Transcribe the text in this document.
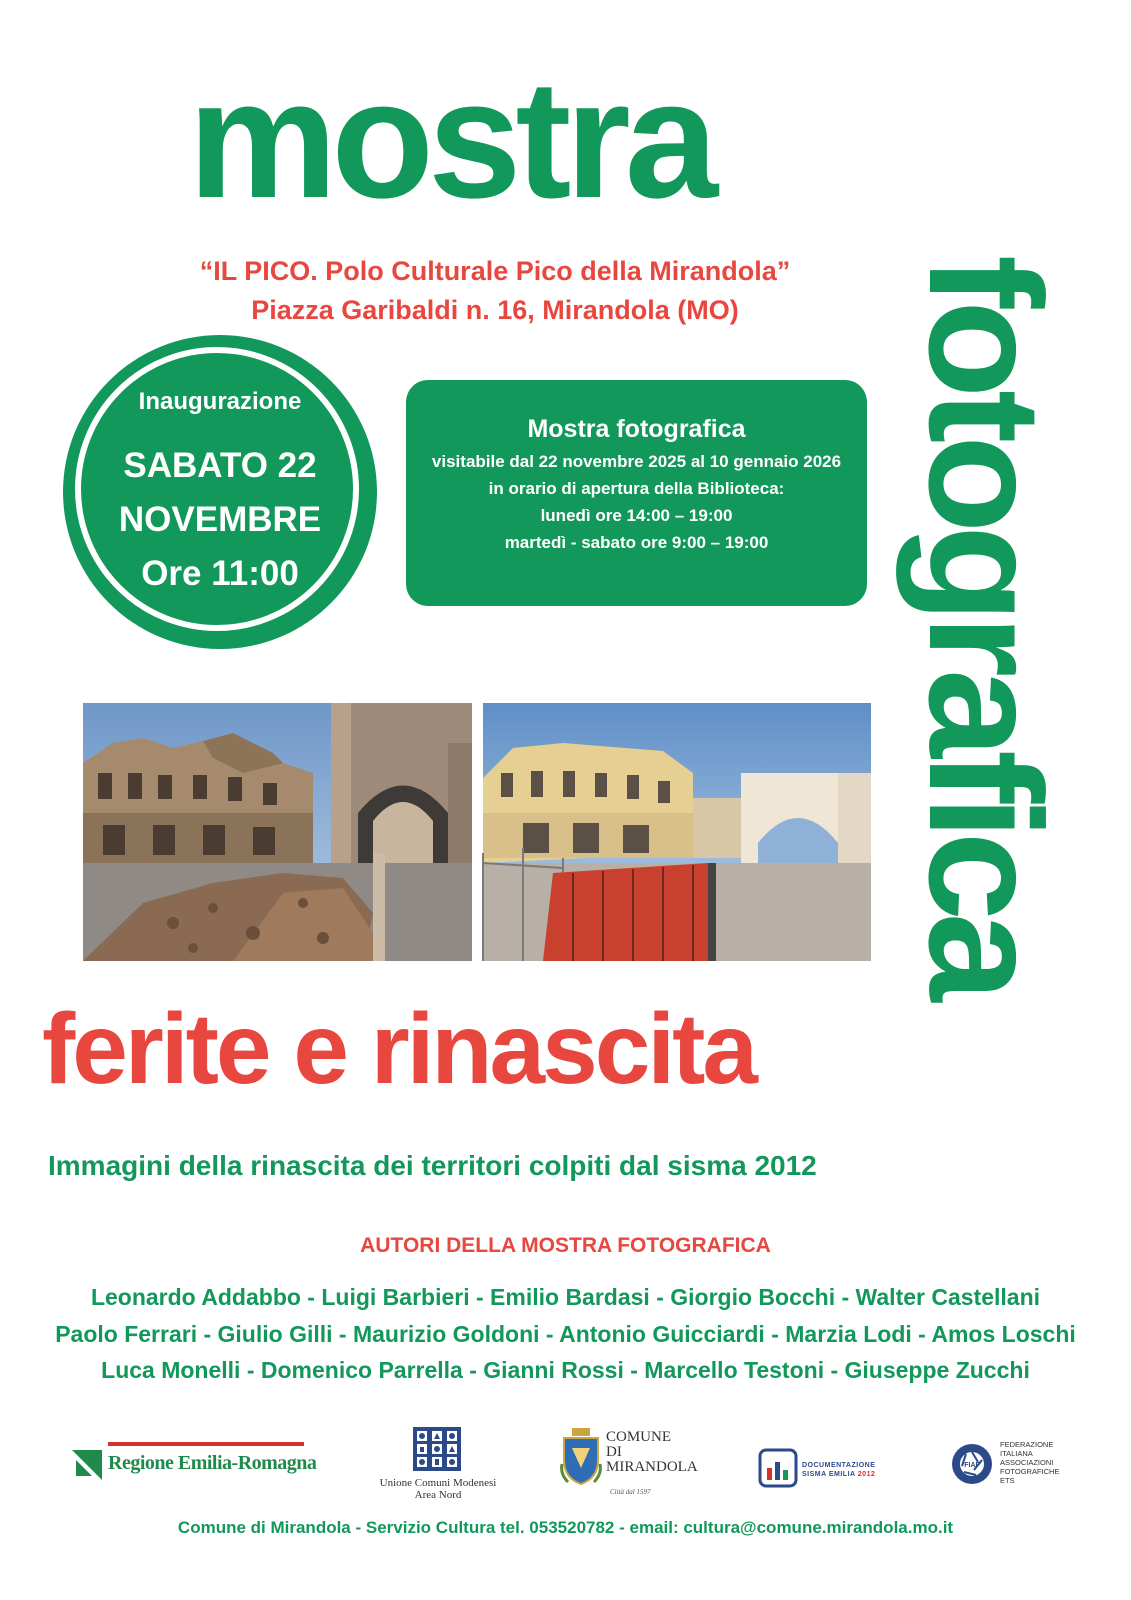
mostra
fotografica
“IL PICO. Polo Culturale Pico della Mirandola”
Piazza Garibaldi n. 16, Mirandola (MO)
Inaugurazione
SABATO 22
NOVEMBRE
Ore 11:00
Mostra fotografica
visitabile dal 22 novembre 2025 al 10 gennaio 2026
in orario di apertura della Biblioteca:
lunedì ore 14:00 – 19:00
martedì - sabato ore 9:00 – 19:00
ferite e rinascita
Immagini della rinascita dei territori colpiti dal sisma 2012
AUTORI DELLA MOSTRA FOTOGRAFICA
Leonardo Addabbo - Luigi Barbieri - Emilio Bardasi - Giorgio Bocchi - Walter Castellani
Paolo Ferrari - Giulio Gilli - Maurizio Goldoni - Antonio Guicciardi - Marzia Lodi - Amos Loschi
Luca Monelli - Domenico Parrella - Gianni Rossi - Marcello Testoni - Giuseppe Zucchi
Regione Emilia-Romagna
Unione Comuni Modenesi
Area Nord
COMUNE
DI
MIRANDOLA
Città dal 1597
DOCUMENTAZIONE
SISMA EMILIA 2012
FIAF
FEDERAZIONE
ITALIANA
ASSOCIAZIONI
FOTOGRAFICHE
ETS
Comune di Mirandola - Servizio Cultura tel. 053520782 - email: cultura@comune.mirandola.mo.it
